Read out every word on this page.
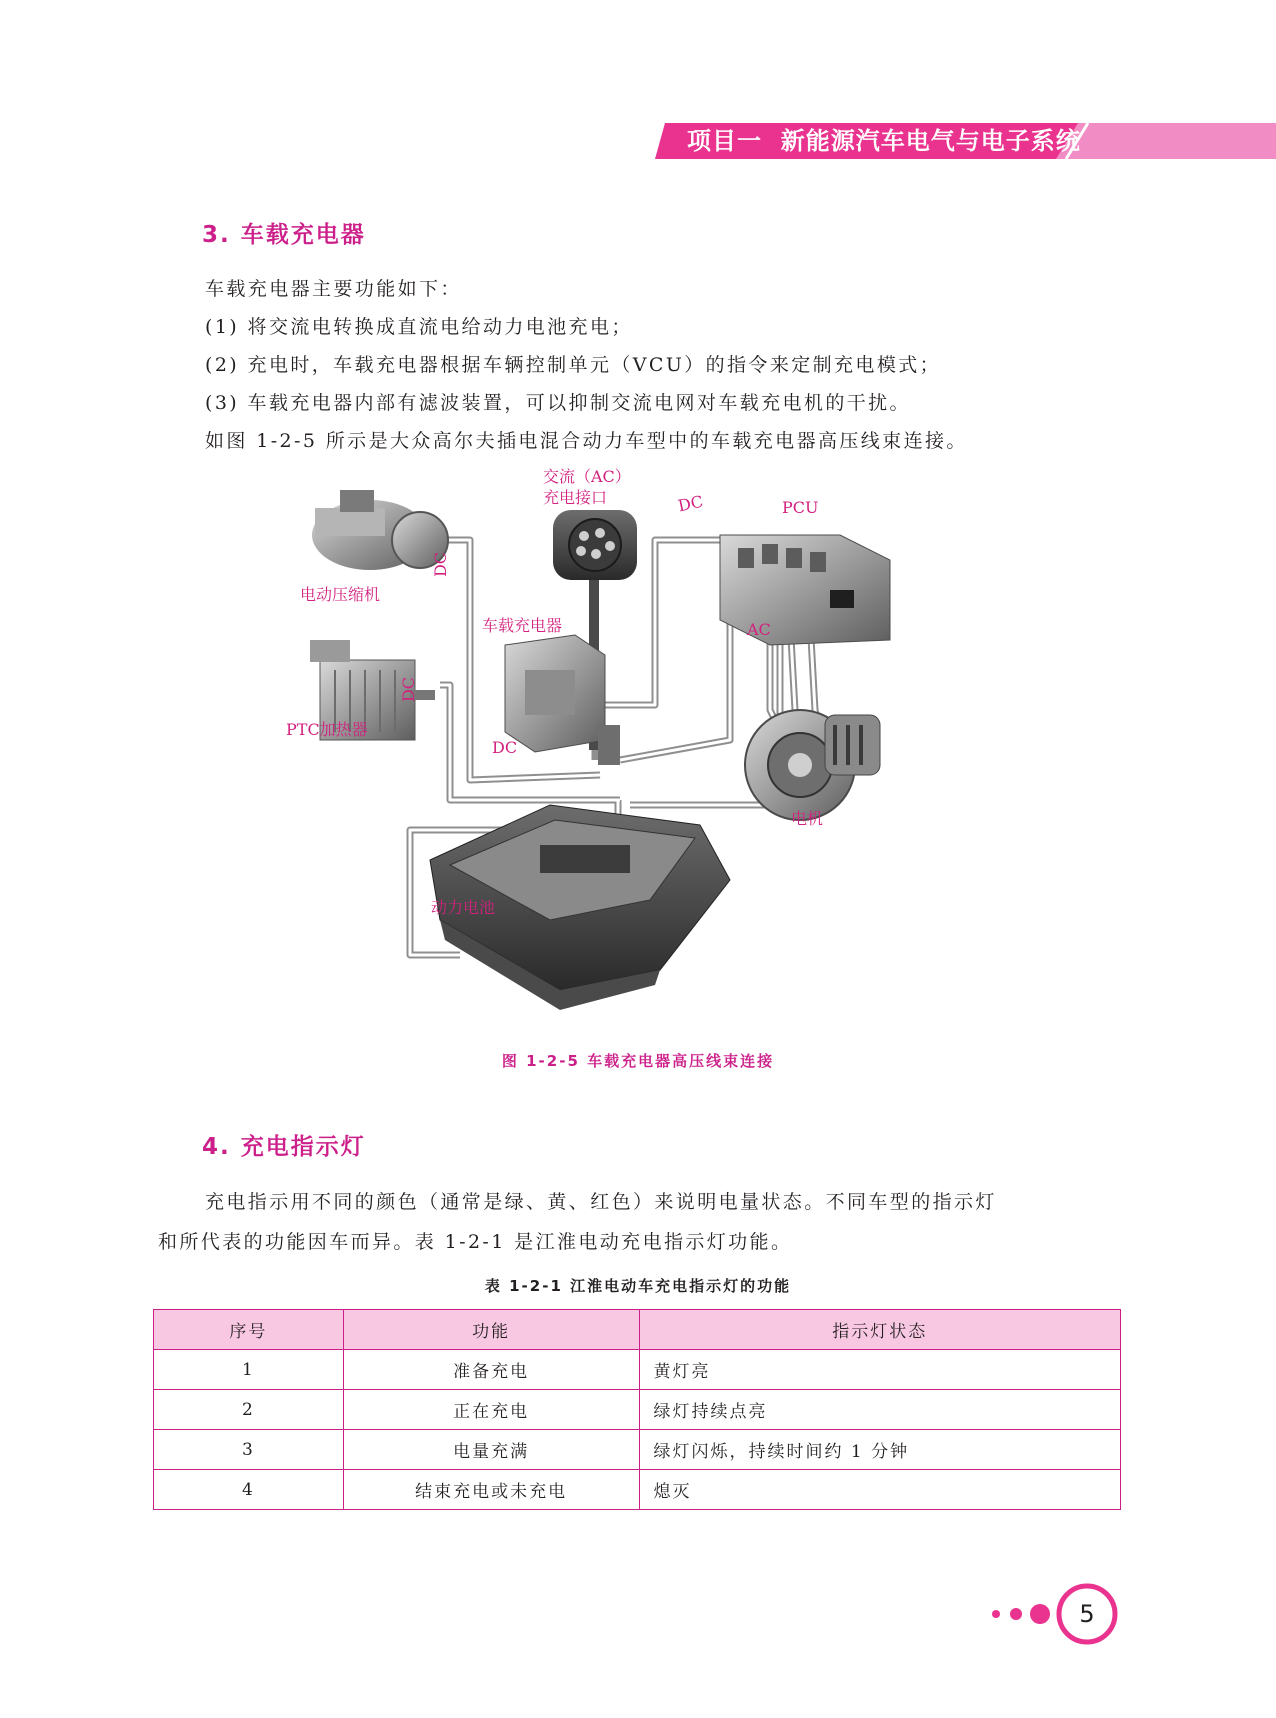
项目一  新能源汽车电气与电子系统
3. 车载充电器
车载充电器主要功能如下：
(1) 将交流电转换成直流电给动力电池充电；
(2) 充电时，车载充电器根据车辆控制单元（VCU）的指令来定制充电模式；
(3) 车载充电器内部有滤波装置，可以抑制交流电网对车载充电机的干扰。
如图 1-2-5 所示是大众高尔夫插电混合动力车型中的车载充电器高压线束连接。
交流（AC）
充电接口
电动压缩机
车载充电器
PTC加热器
PCU
电机
动力电池
DC
DC
DC
DC
AC
图 1-2-5 车载充电器高压线束连接
4. 充电指示灯
充电指示用不同的颜色（通常是绿、黄、红色）来说明电量状态。不同车型的指示灯
和所代表的功能因车而异。表 1-2-1 是江淮电动充电指示灯功能。
表 1-2-1 江淮电动车充电指示灯的功能
序号	功能	指示灯状态
1	准备充电	黄灯亮
2	正在充电	绿灯持续点亮
3	电量充满	绿灯闪烁，持续时间约 1 分钟
4	结束充电或未充电	熄灭
5
